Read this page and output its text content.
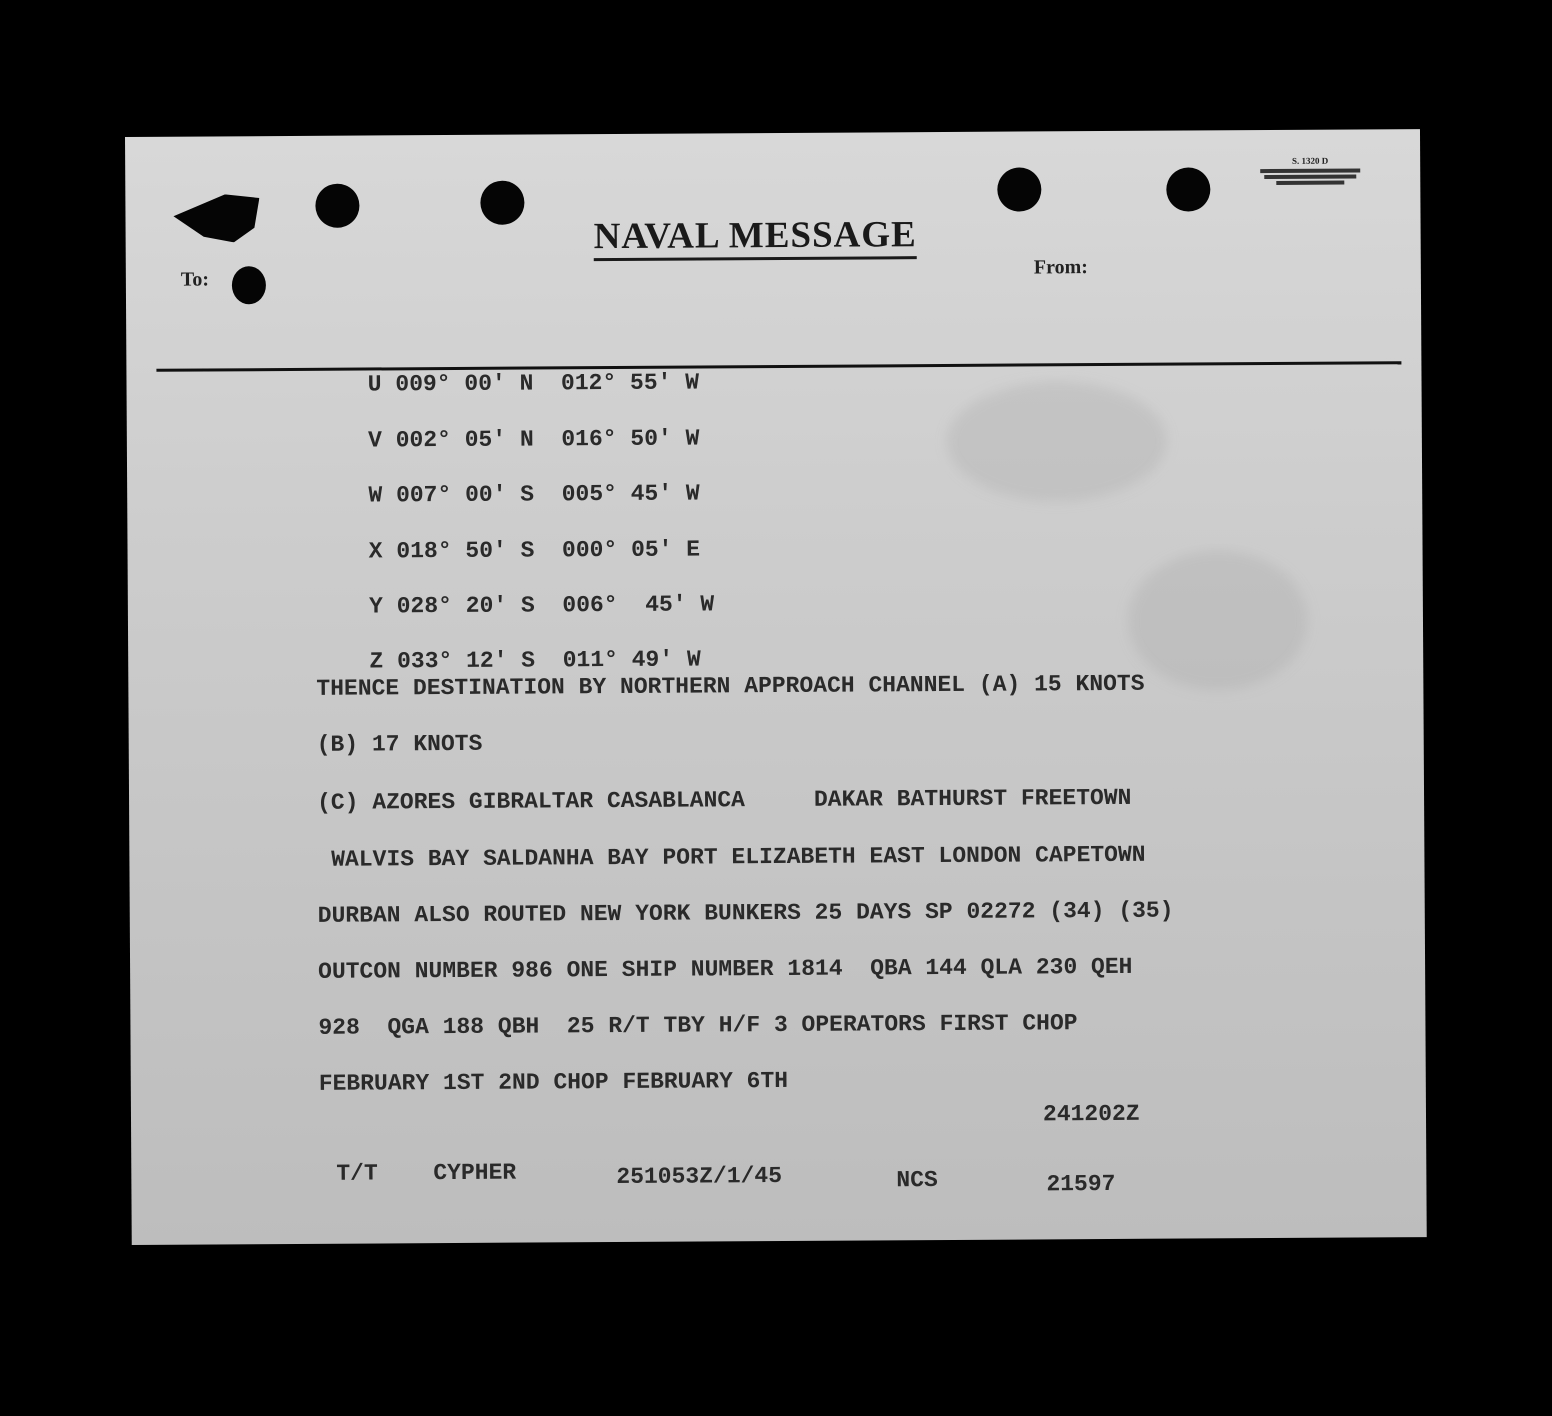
S. 1320 D
NAVAL MESSAGE
To:
From:

U 009° 00' N 012° 55' W

V 002° 05' N 016° 50' W

W 007° 00' S 005° 45' W

X 018° 50' S 000° 05' E

Y 028° 20' S 006°  45' W

Z 033° 12' S 011° 49' W

THENCE DESTINATION BY NORTHERN APPROACH CHANNEL (A) 15 KNOTS
(B) 17 KNOTS
(C) AZORES GIBRALTAR CASABLANCA     DAKAR BATHURST FREETOWN
WALVIS BAY SALDANHA BAY PORT ELIZABETH EAST LONDON CAPETOWN
DURBAN ALSO ROUTED NEW YORK BUNKERS 25 DAYS SP 02272 (34) (35)
OUTCON NUMBER 986 ONE SHIP NUMBER 1814  QBA 144 QLA 230 QEH
928  QGA 188 QBH  25 R/T TBY H/F 3 OPERATORS FIRST CHOP
FEBRUARY 1ST 2ND CHOP FEBRUARY 6TH
241202Z
T/T CYPHER	251053Z/1/45	NCS	21597
